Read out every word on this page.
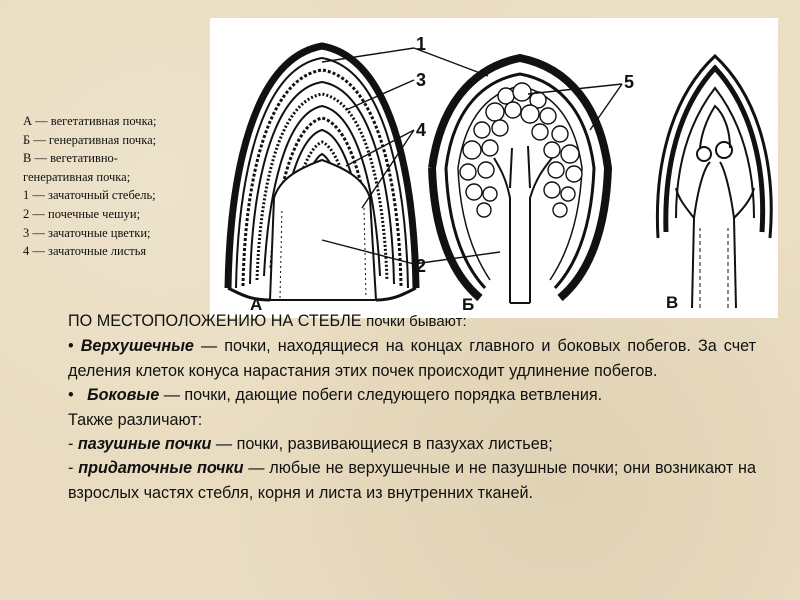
1
3
4
5
2
А	Б	В
А — вегетативная почка;
Б — генеративная почка;
В — вегетативно-
генеративная почка;
1 — зачаточный стебель;
2 — почечные чешуи;
3 — зачаточные цветки;
4 — зачаточные листья

ПО МЕСТОПОЛОЖЕНИЮ НА СТЕБЛЕ почки бывают:

• Верхушечные — почки, находящиеся на концах главного и боковых побегов. За счет деления клеток конуса нарастания этих почек происходит удлинение побегов.

• Боковые — почки, дающие побеги следующего порядка ветвления.

Также различают:

- пазушные почки — почки, развивающиеся в пазухах листьев;

- придаточные почки — любые не верхушечные и не пазушные почки; они возникают на взрослых частях стебля, корня и листа из внутренних тканей.
